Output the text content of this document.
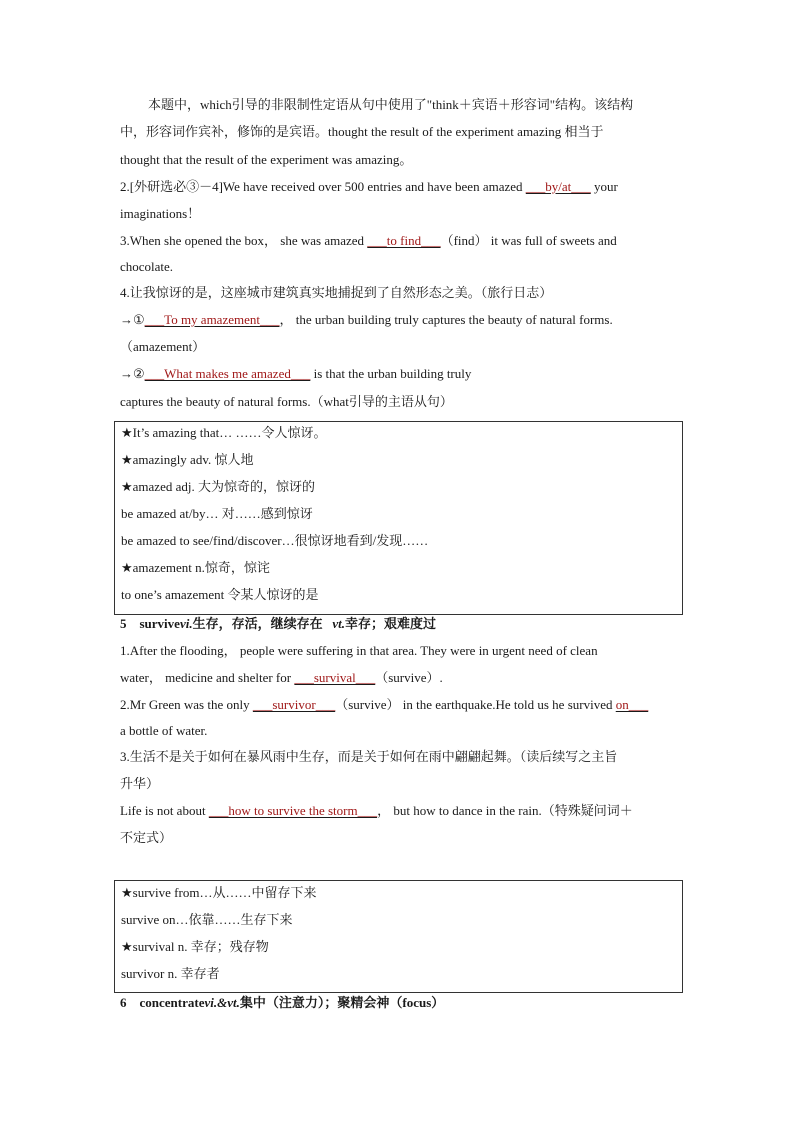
本题中，which引导的非限制性定语从句中使用了"think＋宾语＋形容词"结构。该结构
中，形容词作宾补，修饰的是宾语。thought the result of the experiment amazing 相当于
thought that the result of the experiment was amazing。
2.[外研选必③－4]We have received over 500 entries and have been amazed ___by/at___ your
imaginations！
3.When she opened the box， she was amazed ___to find___（find） it was full of sweets and
chocolate.
4.让我惊讶的是，这座城市建筑真实地捕捉到了自然形态之美。（旅行日志）
→①___To my amazement___， the urban building truly captures the beauty of natural forms.
（amazement）
→②___What makes me amazed___ is that the urban building truly
captures the beauty of natural forms.（what引导的主语从句）
★It’s amazing that… ……令人惊讶。
★amazingly adv. 惊人地
★amazed adj. 大为惊奇的，惊讶的
be amazed at/by… 对……感到惊讶
be amazed to see/find/discover…很惊讶地看到/发现……
★amazement n.惊奇，惊诧
to one’s amazement 令某人惊讶的是
5 survivevi.生存，存活，继续存在 vt.幸存；艰难度过
1.After the flooding， people were suffering in that area. They were in urgent need of clean
water， medicine and shelter for ___survival___（survive）.
2.Mr Green was the only ___survivor___（survive） in the earthquake.He told us he survived on___
a bottle of water.
3.生活不是关于如何在暴风雨中生存，而是关于如何在雨中翩翩起舞。（读后续写之主旨
升华）
Life is not about ___how to survive the storm___， but how to dance in the rain.（特殊疑问词＋
不定式）
★survive from…从……中留存下来
survive on…依靠……生存下来
★survival n. 幸存；残存物
survivor n. 幸存者
6 concentratevi.&vt.集中（注意力）；聚精会神（focus）
